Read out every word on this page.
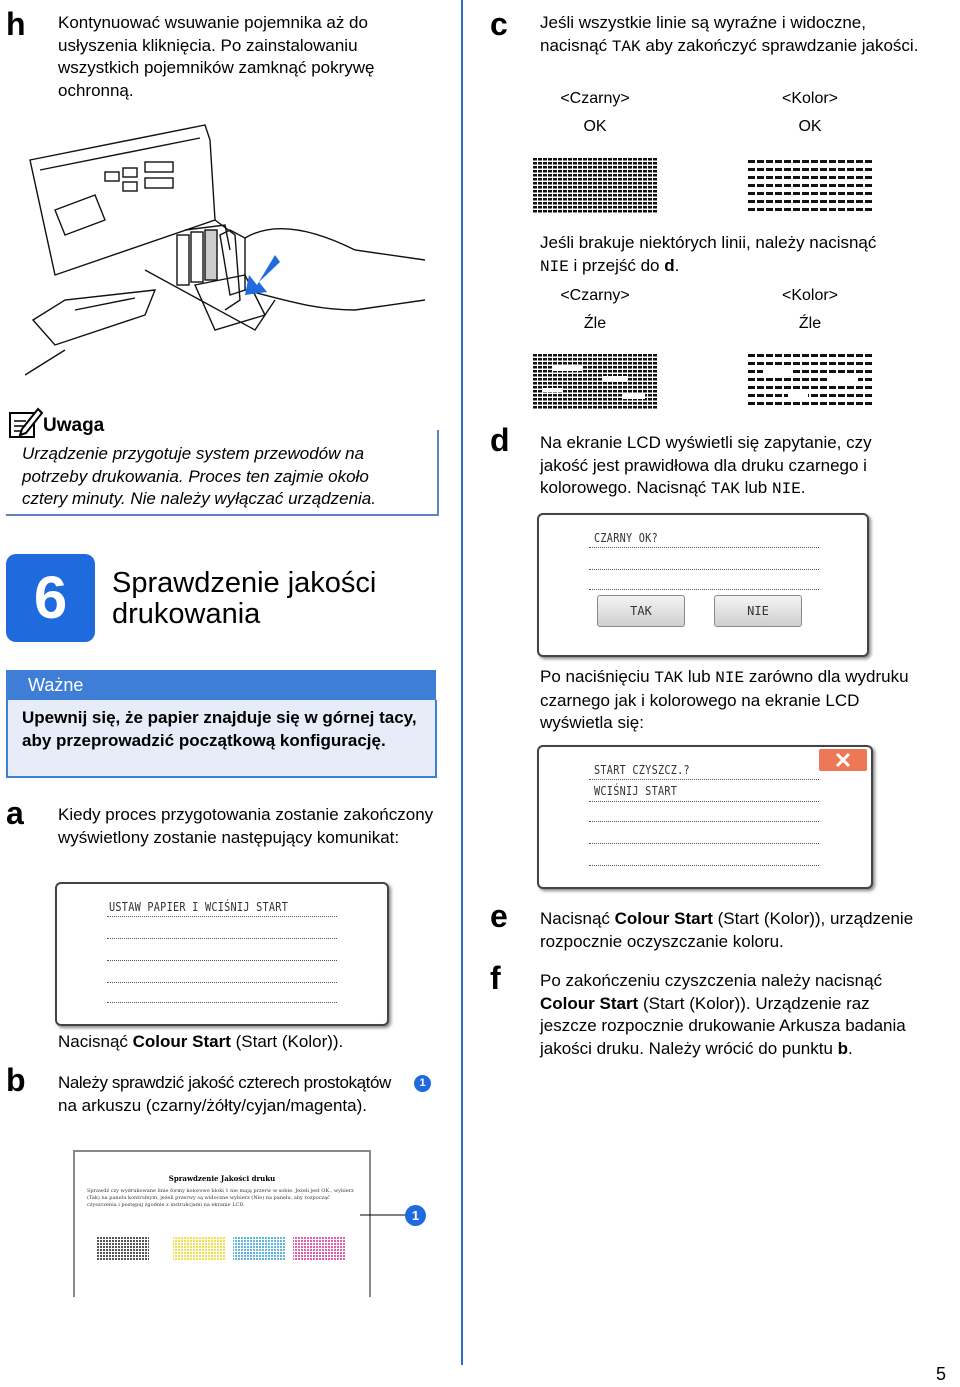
h Kontynuować wsuwanie pojemnika aż do usłyszenia kliknięcia. Po zainstalowaniu wszystkich pojemników zamknąć pokrywę ochronną.
Uwaga
Urządzenie przygotuje system przewodów na potrzeby drukowania. Proces ten zajmie około cztery minuty. Nie należy wyłączać urządzenia.
6	Sprawdzenie jakości
drukowania
Ważne
Upewnij się, że papier znajduje się w górnej tacy, aby przeprowadzić początkową konfigurację.
a Kiedy proces przygotowania zostanie zakończony wyświetlony zostanie następujący komunikat:
USTAW PAPIER I WCIŚNIJ START
Nacisnąć Colour Start (Start (Kolor)).
b Należy sprawdzić jakość czterech prostokątów	1
na arkuszu (czarny/żółty/cyjan/magenta).
Sprawdzenie Jakości druku
Sprawdź czy wydrukowane linie formy kolorowe bloki 1 nie mają przerw w sobie. Jeżeli jest OK., wybierz (Tak) na panelu kontrolnym, jeżeli przerwy są widoczne wybierz (Nie) na panelu, aby rozpocząć czyszczenia i postępuj zgodnie z instrukcjami na ekranie LCD.
1
c Jeśli wszystkie linie są wyraźne i widoczne, nacisnąć TAK aby zakończyć sprawdzanie jakości.
<Czarny>	<Kolor>
OK	OK
Jeśli brakuje niektórych linii, należy nacisnąć
NIE i przejść do d.
<Czarny>	<Kolor>
Źle	Źle
d Na ekranie LCD wyświetli się zapytanie, czy jakość jest prawidłowa dla druku czarnego i kolorowego. Nacisnąć TAK lub NIE.
CZARNY OK?
TAK	NIE
Po naciśnięciu TAK lub NIE zarówno dla wydruku czarnego jak i kolorowego na ekranie LCD wyświetla się:
START CZYSZCZ.?
WCIŚNIJ START
e Nacisnąć Colour Start (Start (Kolor)), urządzenie rozpocznie oczyszczanie koloru.
f Po zakończeniu czyszczenia należy nacisnąć Colour Start (Start (Kolor)). Urządzenie raz jeszcze rozpocznie drukowanie Arkusza badania jakości druku. Należy wrócić do punktu b.
5
